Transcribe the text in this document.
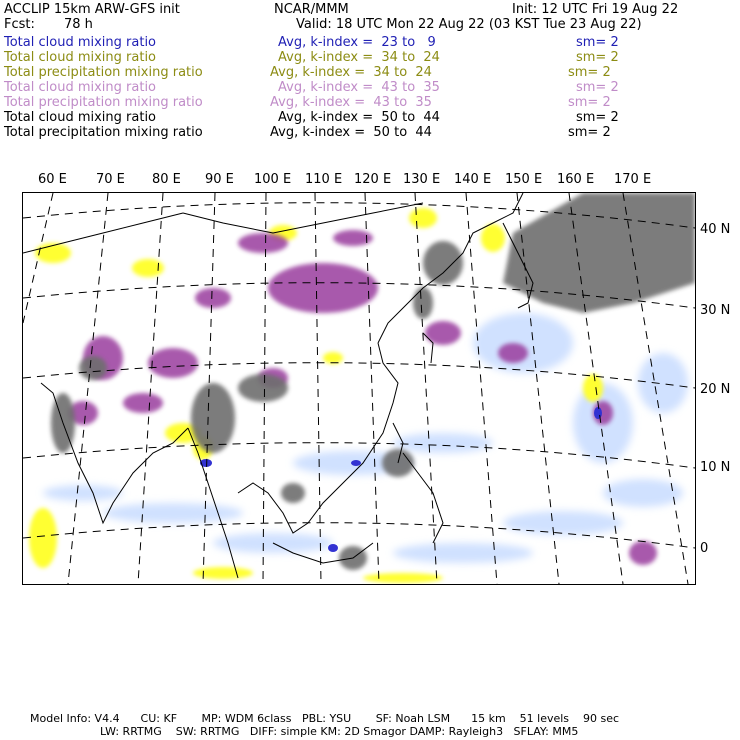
ACCLIP 15km ARW-GFS init	NCAR/MMM	Init: 12 UTC Fri 19 Aug 22
Fcst: 78 h	Valid: 18 UTC Mon 22 Aug 22 (03 KST Tue 23 Aug 22)
Total cloud mixing ratio	Avg, k-index =  23 to   9	sm= 2
Total cloud mixing ratio	Avg, k-index =  34 to  24	sm= 2
Total precipitation mixing ratio	Avg, k-index =  34 to  24	sm= 2
Total cloud mixing ratio	Avg, k-index =  43 to  35	sm= 2
Total precipitation mixing ratio	Avg, k-index =  43 to  35	sm= 2
Total cloud mixing ratio	Avg, k-index =  50 to  44	sm= 2
Total precipitation mixing ratio	Avg, k-index =  50 to  44	sm= 2
60 E 70 E 80 E 90 E 100 E 110 E 120 E 130 E 140 E 150 E 160 E 170 E
40 N
30 N
20 N
10 N
0
Model Info: V4.4      CU: KF       MP: WDM 6class   PBL: YSU       SF: Noah LSM      15 km    51 levels    90 sec
LW: RRTMG    SW: RRTMG   DIFF: simple KM: 2D Smagor DAMP: Rayleigh3   SFLAY: MM5
